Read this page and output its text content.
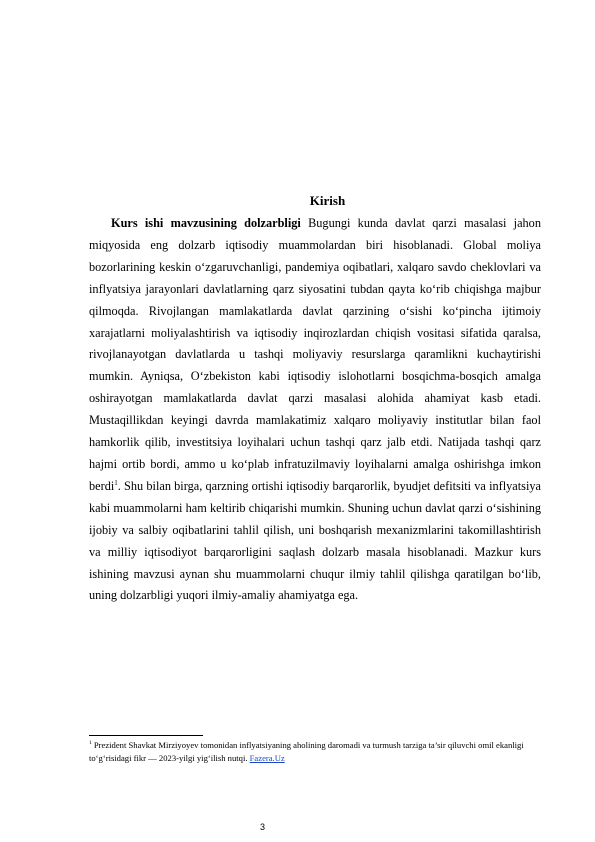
Kirish

Kurs ishi mavzusining dolzarbligi Bugungi kunda davlat qarzi masalasi jahon miqyosida eng dolzarb iqtisodiy muammolardan biri hisoblanadi. Global moliya bozorlarining keskin o‘zgaruvchanligi, pandemiya oqibatlari, xalqaro savdo cheklovlari va inflyatsiya jarayonlari davlatlarning qarz siyosatini tubdan qayta ko‘rib chiqishga majbur qilmoqda. Rivojlangan mamlakatlarda davlat qarzining o‘sishi ko‘pincha ijtimoiy xarajatlarni moliyalashtirish va iqtisodiy inqirozlardan chiqish vositasi sifatida qaralsa, rivojlanayotgan davlatlarda u tashqi moliyaviy resurslarga qaramlikni kuchaytirishi mumkin. Ayniqsa, O‘zbekiston kabi iqtisodiy islohotlarni bosqichma-bosqich amalga oshirayotgan mamlakatlarda davlat qarzi masalasi alohida ahamiyat kasb etadi. Mustaqillikdan keyingi davrda mamlakatimiz xalqaro moliyaviy institutlar bilan faol hamkorlik qilib, investitsiya loyihalari uchun tashqi qarz jalb etdi. Natijada tashqi qarz hajmi ortib bordi, ammo u ko‘plab infratuzilmaviy loyihalarni amalga oshirishga imkon berdi$^1$. Shu bilan birga, qarzning ortishi iqtisodiy barqarorlik, byudjet defitsiti va inflyatsiya kabi muammolarni ham keltirib chiqarishi mumkin. Shuning uchun davlat qarzi o‘sishining ijobiy va salbiy oqibatlarini tahlil qilish, uni boshqarish mexanizmlarini takomillashtirish va milliy iqtisodiyot barqarorligini saqlash dolzarb masala hisoblanadi. Mazkur kurs ishining mavzusi aynan shu muammolarni chuqur ilmiy tahlil qilishga qaratilgan bo‘lib, uning dolzarbligi yuqori ilmiy-amaliy ahamiyatga ega.

$^1$ Prezident Shavkat Mirziyoyev tomonidan inflyatsiyaning aholining daromadi va turmush tarziga ta’sir qiluvchi omil ekanligi to‘g‘risidagi fikr — 2023-yilgi yig‘ilish nutqi. Fazera.Uz
3
